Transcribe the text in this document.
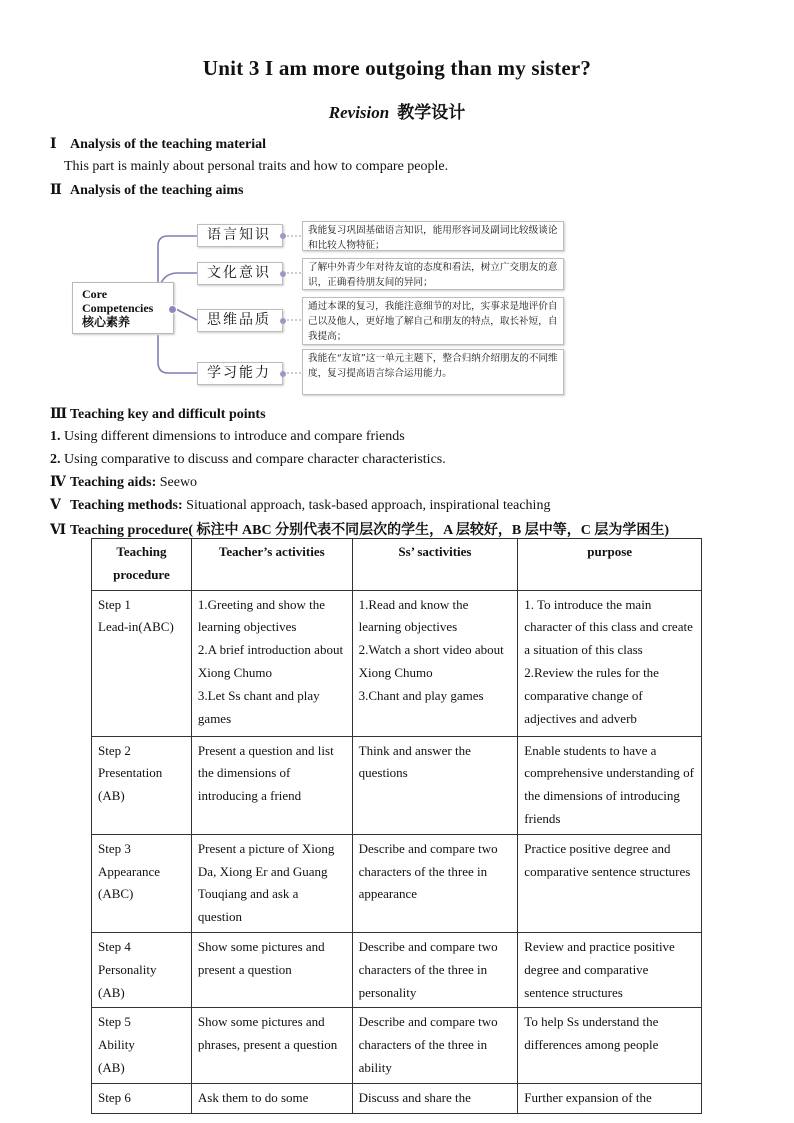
Unit 3 I am more outgoing than my sister?
Revision 教学设计
Ⅰ Analysis of the teaching material
This part is mainly about personal traits and how to compare people.
Ⅱ Analysis of the teaching aims
Core
Competencies
核心素养
语言知识
文化意识
思维品质
学习能力
我能复习巩固基础语言知识，能用形容词及副词比较级谈论和比较人物特征；
了解中外青少年对待友谊的态度和看法，树立广交朋友的意识，正确看待朋友间的异同；
通过本课的复习，我能注意细节的对比，实事求是地评价自己以及他人，更好地了解自己和朋友的特点，取长补短，自我提高；
我能在“友谊”这一单元主题下，整合归纳介绍朋友的不同维度，复习提高语言综合运用能力。
Ⅲ Teaching key and difficult points
1. Using different dimensions to introduce and compare friends
2. Using comparative to discuss and compare character characteristics.
Ⅳ Teaching aids: Seewo
Ⅴ Teaching methods: Situational approach, task-based approach, inspirational teaching
Ⅵ Teaching procedure( 标注中 ABC 分别代表不同层次的学生，A 层较好，B 层中等，C 层为学困生)
Teaching
procedure	Teacher’s activities	Ss’ sactivities	purpose
Step 1
Lead-in(ABC)	1.Greeting and show the learning objectives
2.A brief introduction about Xiong Chumo
3.Let Ss chant and play games	1.Read and know the learning objectives
2.Watch a short video about Xiong Chumo
3.Chant and play games	1. To introduce the main character of this class and create a situation of this class
2.Review the rules for the comparative change of adjectives and adverb
Step 2
Presentation
(AB)	Present a question and list the dimensions of introducing a friend	Think and answer the questions	Enable students to have a comprehensive understanding of the dimensions of introducing friends
Step 3
Appearance
(ABC)	Present a picture of Xiong Da, Xiong Er and Guang Touqiang and ask a question	Describe and compare two characters of the three in appearance	Practice positive degree and comparative sentence structures
Step 4
Personality
(AB)	Show some pictures and present a question	Describe and compare two characters of the three in personality	Review and practice positive degree and comparative sentence structures
Step 5
Ability
(AB)	Show some pictures and phrases, present a question	Describe and compare two characters of the three in ability	To help Ss understand the differences among people
Step 6	Ask them to do some	Discuss and share the	Further expansion of the
